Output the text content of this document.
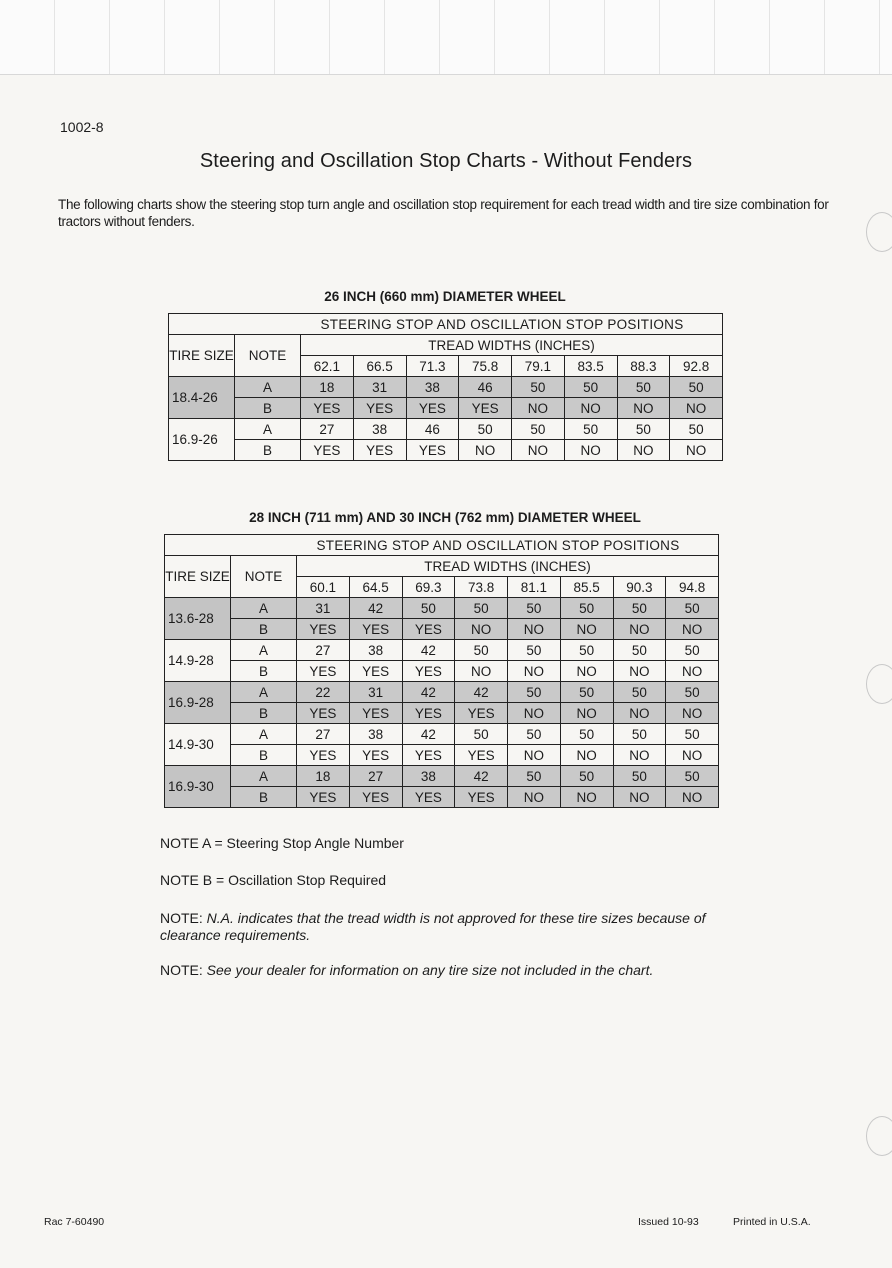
1002-8
Steering and Oscillation Stop Charts - Without Fenders
The following charts show the steering stop turn angle and oscillation stop requirement for each tread width and tire size combination for tractors without fenders.
26 INCH (660 mm) DIAMETER WHEEL
		STEERING STOP AND OSCILLATION STOP POSITIONS							
TIRE SIZE	NOTE	TREAD WIDTHS (INCHES)							
		62.1	66.5	71.3	75.8	79.1	83.5	88.3	92.8
18.4-26	A	18	31	38	46	50	50	50	50
	B	YES	YES	YES	YES	NO	NO	NO	NO
16.9-26	A	27	38	46	50	50	50	50	50
	B	YES	YES	YES	NO	NO	NO	NO	NO
28 INCH (711 mm) AND 30 INCH (762 mm) DIAMETER WHEEL
		STEERING STOP AND OSCILLATION STOP POSITIONS							
TIRE SIZE	NOTE	TREAD WIDTHS (INCHES)							
		60.1	64.5	69.3	73.8	81.1	85.5	90.3	94.8
13.6-28	A	31	42	50	50	50	50	50	50
	B	YES	YES	YES	NO	NO	NO	NO	NO
14.9-28	A	27	38	42	50	50	50	50	50
	B	YES	YES	YES	NO	NO	NO	NO	NO
16.9-28	A	22	31	42	42	50	50	50	50
	B	YES	YES	YES	YES	NO	NO	NO	NO
14.9-30	A	27	38	42	50	50	50	50	50
	B	YES	YES	YES	YES	NO	NO	NO	NO
16.9-30	A	18	27	38	42	50	50	50	50
	B	YES	YES	YES	YES	NO	NO	NO	NO
NOTE A = Steering Stop Angle Number
NOTE B = Oscillation Stop Required
NOTE: N.A. indicates that the tread width is not approved for these tire sizes because of clearance requirements.
NOTE: See your dealer for information on any tire size not included in the chart.
Rac 7-60490	Issued 10-93	Printed in U.S.A.
